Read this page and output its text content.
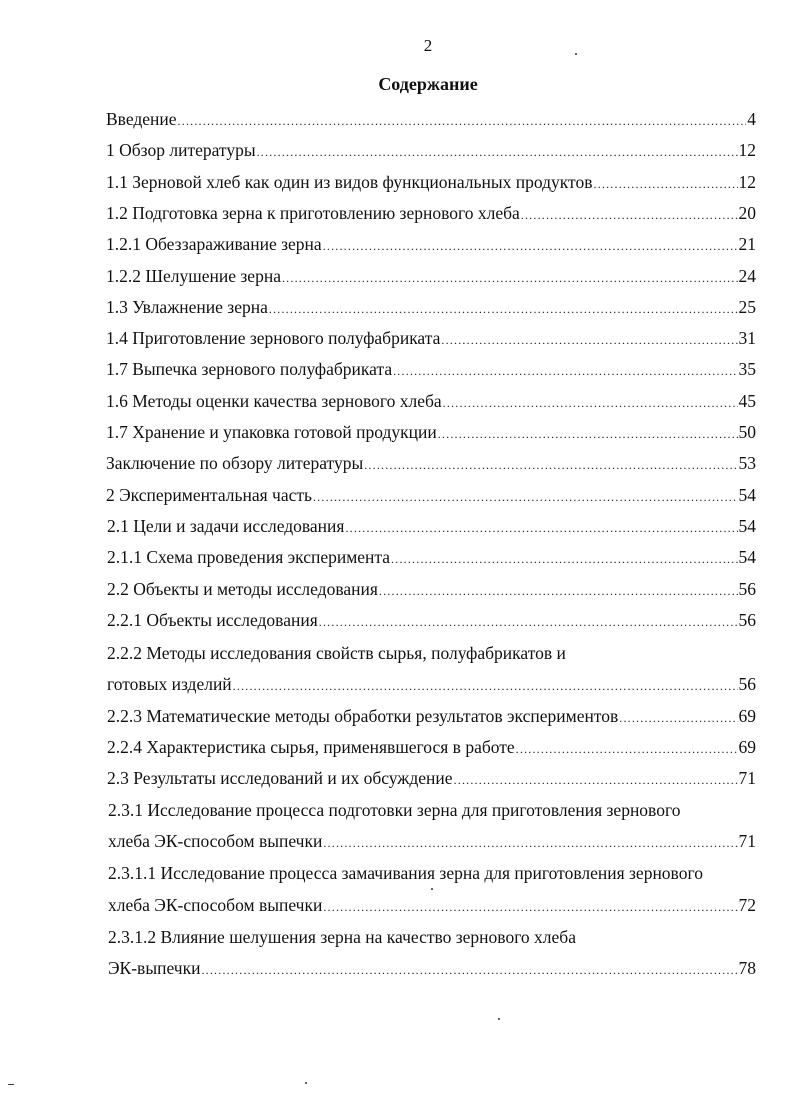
2
Содержание
Введение .....	4
1 Обзор литературы .....	12
1.1 Зерновой хлеб как один из видов функциональных продуктов .....	12
1.2 Подготовка зерна к приготовлению зернового хлеба .....	20
1.2.1 Обеззараживание зерна .....	21
1.2.2 Шелушение зерна .....	24
1.3 Увлажнение зерна .....	25
1.4 Приготовление зернового полуфабриката .....	31
1.7 Выпечка зернового полуфабриката .....	35
1.6 Методы оценки качества зернового хлеба .....	45
1.7 Хранение и упаковка готовой продукции .....	50
Заключение по обзору литературы .....	53
2 Экспериментальная часть .....	54
2.1 Цели и задачи исследования .....	54
2.1.1 Схема проведения эксперимента .....	54
2.2 Объекты и методы исследования .....	56
2.2.1 Объекты исследования .....	56
2.2.2 Методы исследования свойств сырья, полуфабрикатов и
готовых изделий .....	56
2.2.3 Математические методы обработки результатов экспериментов .....	69
2.2.4 Характеристика сырья, применявшегося в работе .....	69
2.3 Результаты исследований и их обсуждение .....	71
2.3.1 Исследование процесса подготовки зерна для приготовления зернового
хлеба ЭК-способом выпечки .....	71
2.3.1.1 Исследование процесса замачивания зерна для приготовления зернового
хлеба ЭК-способом выпечки .....	72
2.3.1.2 Влияние шелушения зерна на качество зернового хлеба
ЭК-выпечки .....	78
